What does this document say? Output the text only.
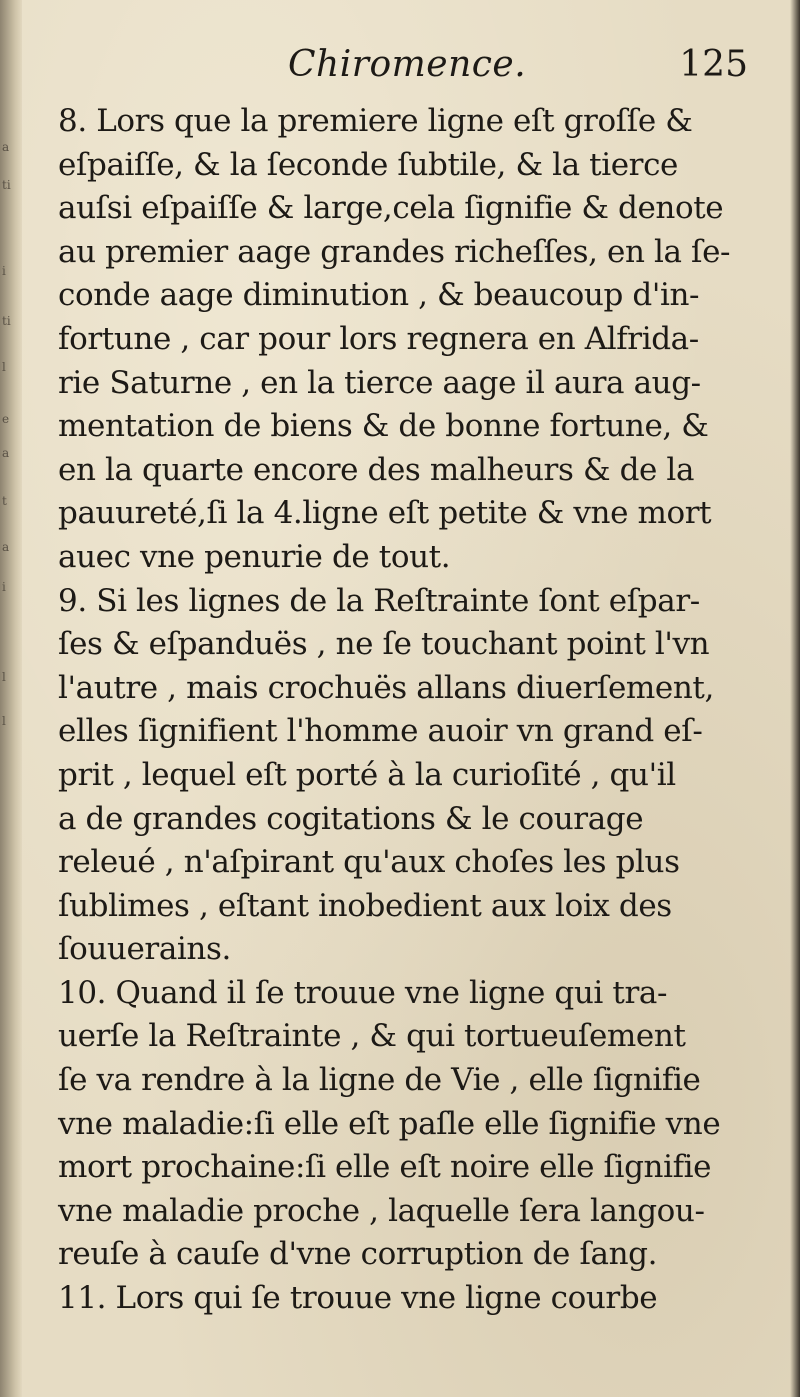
a
ti
i
ti
l
e
a
t
a
i
l
l
Chiromence.	125
8. Lors que la premiere ligne eſt groſſe &
eſpaiſſe, & la ſeconde ſubtile, & la tierce
auſsi eſpaiſſe & large,cela ſignifie & denote
au premier aage grandes richeſſes, en la ſe-
conde aage diminution , & beaucoup d'in-
fortune , car pour lors regnera en Alfrida-
rie Saturne , en la tierce aage il aura aug-
mentation de biens & de bonne fortune, &
en la quarte encore des malheurs & de la
pauureté,ſi la 4.ligne eſt petite & vne mort
auec vne penurie de tout.
9. Si les lignes de la Reſtrainte ſont eſpar-
ſes & eſpanduës , ne ſe touchant point l'vn
l'autre , mais crochuës allans diuerſement,
elles ſignifient l'homme auoir vn grand eſ-
prit , lequel eſt porté à la curioſité , qu'il
a de grandes cogitations & le courage
releué , n'aſpirant qu'aux choſes les plus
ſublimes , eſtant inobedient aux loix des
ſouuerains.
10. Quand il ſe trouue vne ligne qui tra-
uerſe la Reſtrainte , & qui tortueuſement
ſe va rendre à la ligne de Vie , elle ſignifie
vne maladie:ſi elle eſt paſle elle ſignifie vne
mort prochaine:ſi elle eſt noire elle ſignifie
vne maladie proche , laquelle ſera langou-
reuſe à cauſe d'vne corruption de ſang.
11. Lors qui ſe trouue vne ligne courbe
